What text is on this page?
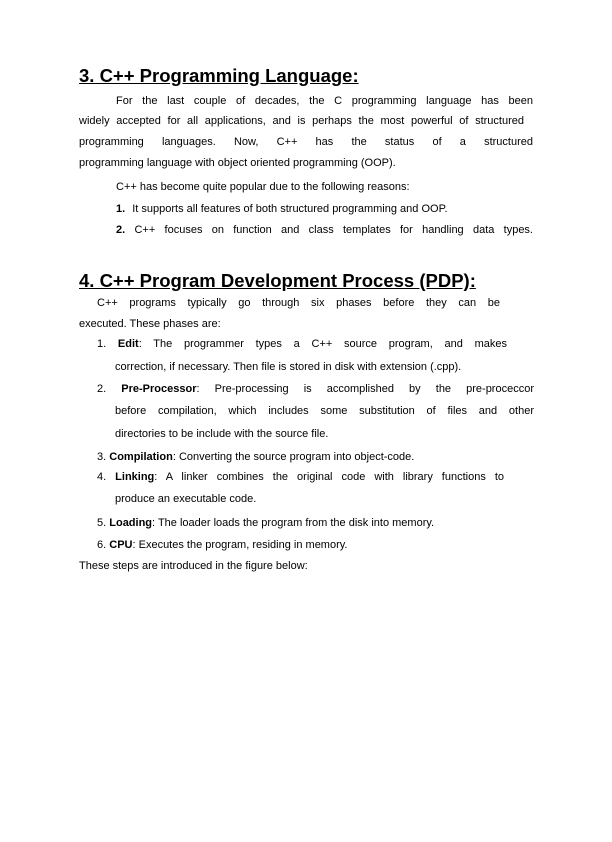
3. C++ Programming Language:

For the last couple of decades, the C programming language has been

widely accepted for all applications, and is perhaps the most powerful of structured

programming languages. Now, C++ has the status of a structured

programming language with object oriented programming (OOP).

C++ has become quite popular due to the following reasons:

1. It supports all features of both structured programming and OOP.

2. C++ focuses on function and class templates for handling data types.

4. C++ Program Development Process (PDP):

C++ programs typically go through six phases before they can be

executed. These phases are:

1. Edit: The programmer types a C++ source program, and makes

correction, if necessary. Then file is stored in disk with extension (.cpp).

2. Pre-Processor: Pre-processing is accomplished by the pre-proceccor

before compilation, which includes some substitution of files and other

directories to be include with the source file.

3. Compilation: Converting the source program into object-code.

4. Linking: A linker combines the original code with library functions to

produce an executable code.

5. Loading: The loader loads the program from the disk into memory.

6. CPU: Executes the program, residing in memory.

These steps are introduced in the figure below:
